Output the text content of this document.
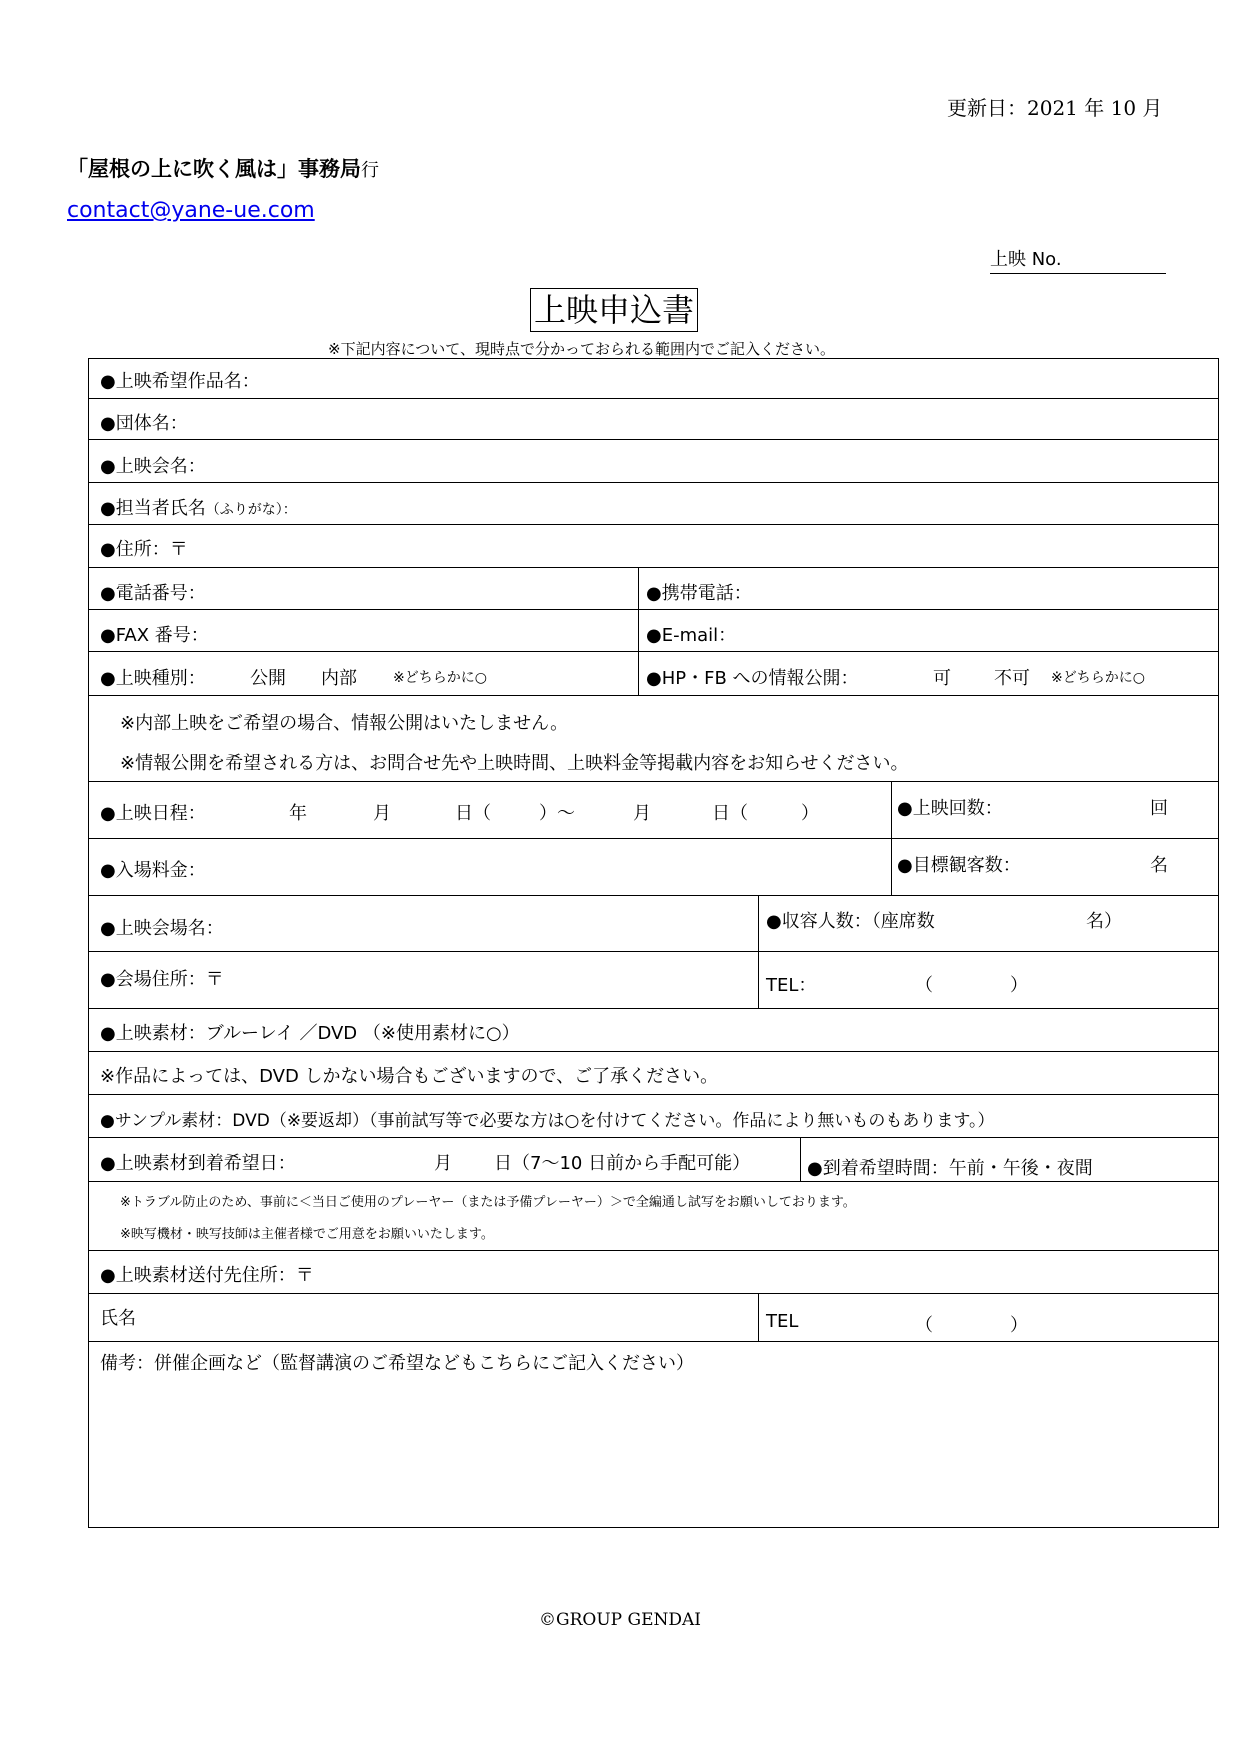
更新日：2021 年 10 月
「屋根の上に吹く風は」事務局行
contact@yane-ue.com
上映 No.
上映申込書
※下記内容について、現時点で分かっておられる範囲内でご記入ください。
●上映希望作品名：
●団体名：
●上映会名：
●担当者氏名（ふりがな）：
●住所：〒
●電話番号：	●携帯電話：
●FAX 番号：	●E-mail：
●上映種別： 公開 内部	※どちらかに○	●HP・FB への情報公開：	可 不可 ※どちらかに○
※内部上映をご希望の場合、情報公開はいたしません。
※情報公開を希望される方は、お問合せ先や上映時間、上映料金等掲載内容をお知らせください。
●上映日程：	年	月	日（	）～	月	日（	）	●上映回数：	回
●入場料金：	●目標観客数：	名
●上映会場名：	●収容人数：（座席数	名）
●会場住所：〒	TEL：	（	）
●上映素材：ブルーレイ ／DVD （※使用素材に○）
※作品によっては、DVD しかない場合もございますので、ご了承ください。
●サンプル素材：DVD（※要返却）（事前試写等で必要な方は○を付けてください。作品により無いものもあります。）
●上映素材到着希望日：	月 日（7～10 日前から手配可能）	●到着希望時間：午前・午後・夜間
※トラブル防止のため、事前に＜当日ご使用のプレーヤー（または予備プレーヤー）＞で全編通し試写をお願いしております。
※映写機材・映写技師は主催者様でご用意をお願いいたします。
●上映素材送付先住所：〒
氏名	TEL	（	）
備考：併催企画など（監督講演のご希望などもこちらにご記入ください）
©GROUP GENDAI
